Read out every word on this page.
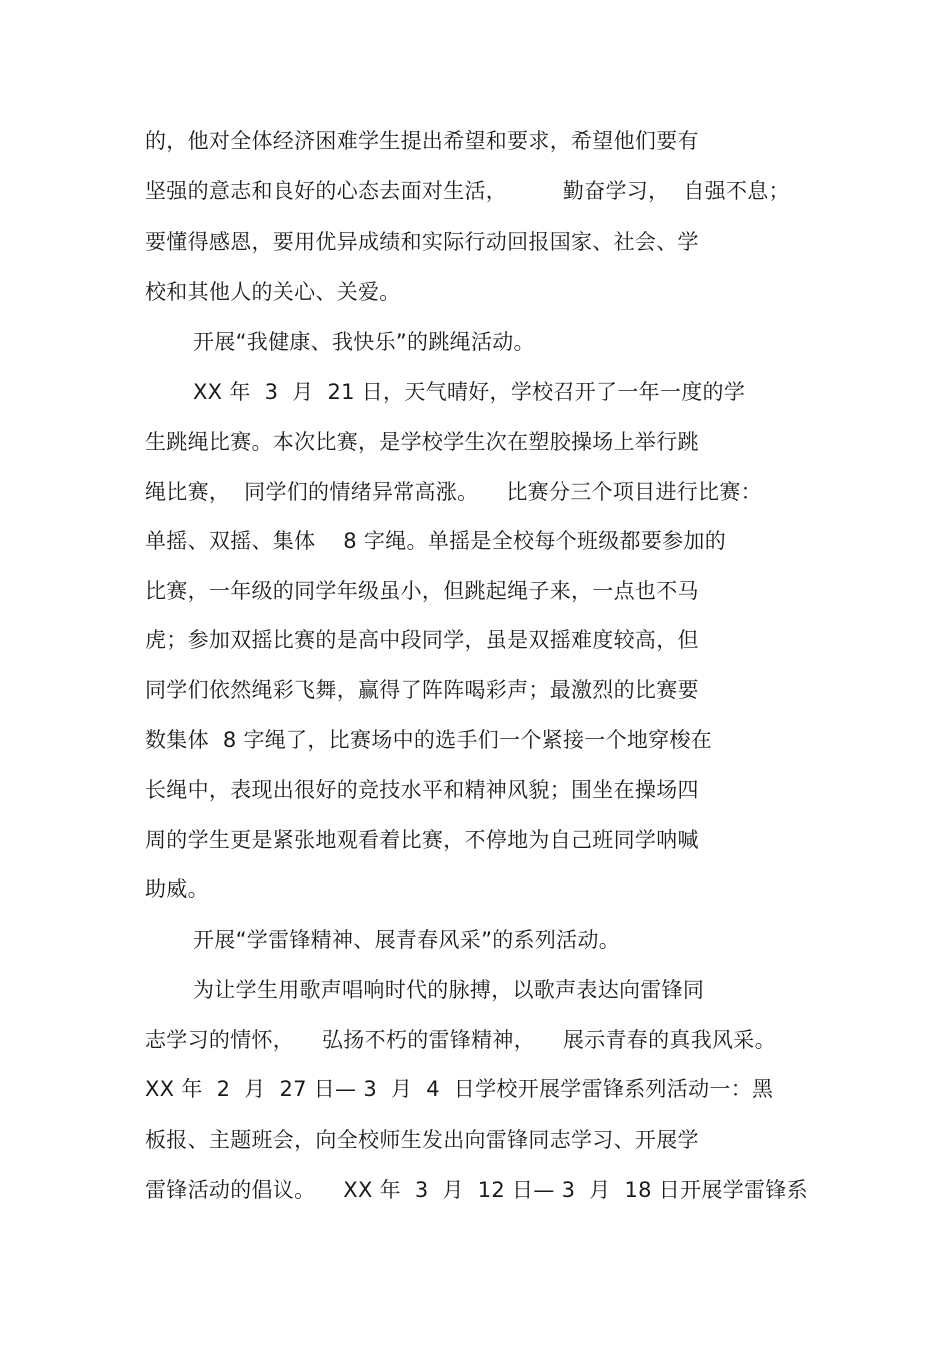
的，他对全体经济困难学生提出希望和要求，希望他们要有
坚强的意志和良好的心态去面对生活，        勤奋学习，  自强不息；
要懂得感恩，要用优异成绩和实际行动回报国家、社会、学
校和其他人的关心、关爱。
开展“我健康、我快乐”的跳绳活动。
XX 年  3  月  21 日，天气晴好，学校召开了一年一度的学
生跳绳比赛。本次比赛，是学校学生次在塑胶操场上举行跳
绳比赛，  同学们的情绪异常高涨。    比赛分三个项目进行比赛：
单摇、双摇、集体    8 字绳。单摇是全校每个班级都要参加的
比赛，一年级的同学年级虽小，但跳起绳子来，一点也不马
虎；参加双摇比赛的是高中段同学，虽是双摇难度较高，但
同学们依然绳彩飞舞，赢得了阵阵喝彩声；最激烈的比赛要
数集体  8 字绳了，比赛场中的选手们一个紧接一个地穿梭在
长绳中，表现出很好的竞技水平和精神风貌；围坐在操场四
周的学生更是紧张地观看着比赛，不停地为自己班同学呐喊
助威。
开展“学雷锋精神、展青春风采”的系列活动。
为让学生用歌声唱响时代的脉搏，以歌声表达向雷锋同
志学习的情怀，    弘扬不朽的雷锋精神，    展示青春的真我风采。
XX 年  2  月  27 日— 3  月  4  日学校开展学雷锋系列活动一：黑
板报、主题班会，向全校师生发出向雷锋同志学习、开展学
雷锋活动的倡议。    XX 年  3  月  12 日— 3  月  18 日开展学雷锋系
